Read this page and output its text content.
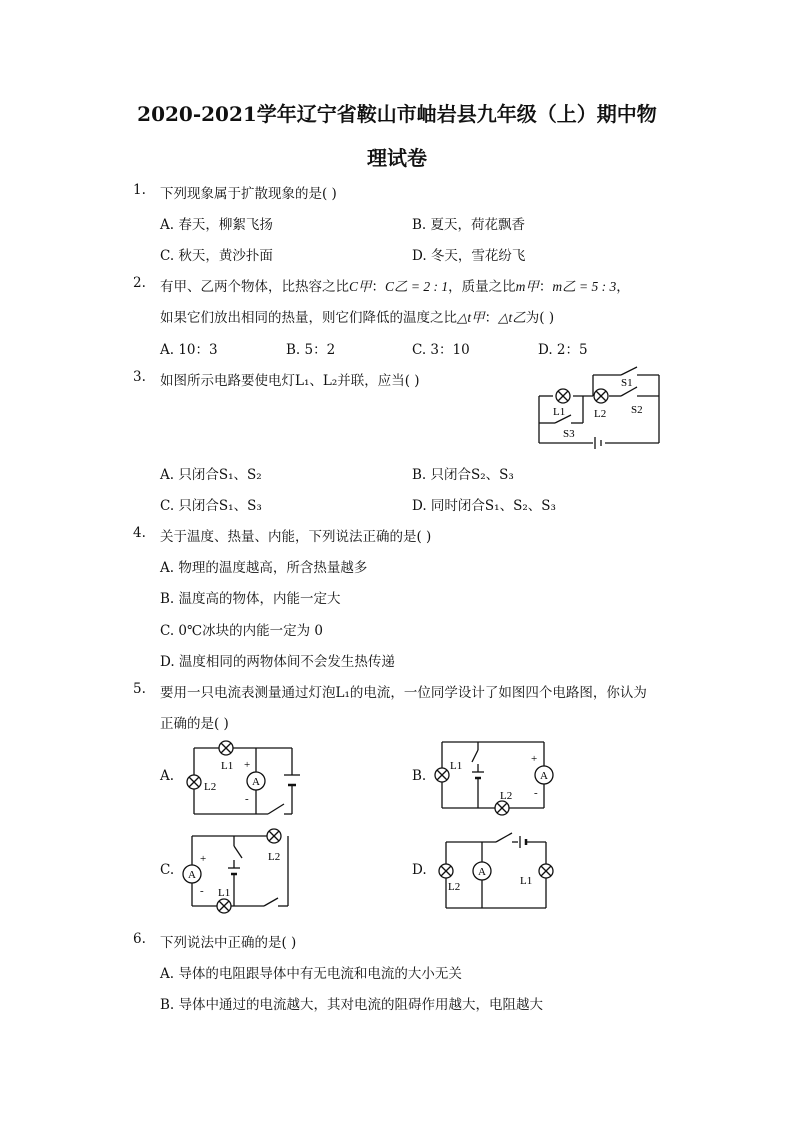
2020-2021学年辽宁省鞍山市岫岩县九年级（上）期中物
理试卷
1. 下列现象属于扩散现象的是( )
A. 春天，柳絮飞扬	B. 夏天，荷花飘香
C. 秋天，黄沙扑面	D. 冬天，雪花纷飞
2. 有甲、乙两个物体，比热容之比C甲：C乙 = 2 : 1，质量之比m甲：m乙 = 5 : 3，
如果它们放出相同的热量，则它们降低的温度之比△t甲：△t乙为( )
A. 10：3	B. 5：2	C. 3：10	D. 2：5
3. 如图所示电路要使电灯L₁、L₂并联，应当( )	S1
S2
S3
L1	L2
A. 只闭合S₁、S₂	B. 只闭合S₂、S₃
C. 只闭合S₁、S₃	D. 同时闭合S₁、S₂、S₃
4. 关于温度、热量、内能，下列说法正确的是( )
A. 物理的温度越高，所含热量越多
B. 温度高的物体，内能一定大
C. 0℃冰块的内能一定为 0
D. 温度相同的两物体间不会发生热传递
5. 要用一只电流表测量通过灯泡L₁的电流，一位同学设计了如图四个电路图，你认为
正确的是( )
A.	A
+
-
L1
L2
B.	A
+
-
L1
L2
C. A
+
-
L2
L1
D.	A
L2	L1
6. 下列说法中正确的是( )
A. 导体的电阻跟导体中有无电流和电流的大小无关
B. 导体中通过的电流越大，其对电流的阻碍作用越大，电阻越大
